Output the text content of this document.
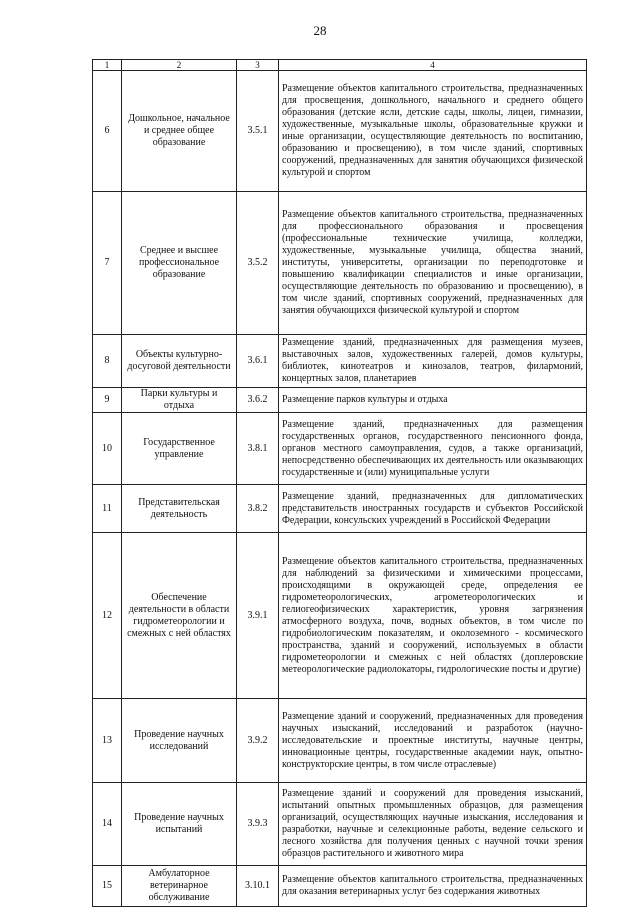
28
1	2	3	4
6	Дошкольное, начальное и среднее общее образование	3.5.1	Размещение объектов капитального строительства, предназначенных для просвещения, дошкольного, начального и среднего общего образования (детские ясли, детские сады, школы, лицеи, гимназии, художественные, музыкальные школы, образовательные кружки и иные организации, осуществляющие деятельность по воспитанию, образованию и просвещению), в том числе зданий, спортивных сооружений, предназначенных для занятия обучающихся физической культурой и спортом
7	Среднее и высшее профессиональное образование	3.5.2	Размещение объектов капитального строительства, предназначенных для профессионального образования и просвещения (профессиональные технические училища, колледжи, художественные, музыкальные училища, общества знаний, институты, университеты, организации по переподготовке и повышению квалификации специалистов и иные организации, осуществляющие деятельность по образованию и просвещению), в том числе зданий, спортивных сооружений, предназначенных для занятия обучающихся физической культурой и спортом
8	Объекты культурно-досуговой деятельности	3.6.1	Размещение зданий, предназначенных для размещения музеев, выставочных залов, художественных галерей, домов культуры, библиотек, кинотеатров и кинозалов, театров, филармоний, концертных залов, планетариев
9	Парки культуры и отдыха	3.6.2	Размещение парков культуры и отдыха
10	Государственное управление	3.8.1	Размещение зданий, предназначенных для размещения государственных органов, государственного пенсионного фонда, органов местного самоуправления, судов, а также организаций, непосредственно обеспечивающих их деятельность или оказывающих государственные и (или) муниципальные услуги
11	Представительская деятельность	3.8.2	Размещение зданий, предназначенных для дипломатических представительств иностранных государств и субъектов Российской Федерации, консульских учреждений в Российской Федерации
12	Обеспечение деятельности в области гидрометеорологии и смежных с ней областях	3.9.1	Размещение объектов капитального строительства, предназначенных для наблюдений за физическими и химическими процессами, происходящими в окружающей среде, определения ее гидрометеорологических, агрометеорологических и гелиогеофизических характеристик, уровня загрязнения атмосферного воздуха, почв, водных объектов, в том числе по гидробиологическим показателям, и околоземного - космического пространства, зданий и сооружений, используемых в области гидрометеорологии и смежных с ней областях (доплеровские метеорологические радиолокаторы, гидрологические посты и другие)
13	Проведение научных исследований	3.9.2	Размещение зданий и сооружений, предназначенных для проведения научных изысканий, исследований и разработок (научно-исследовательские и проектные институты, научные центры, инновационные центры, государственные академии наук, опытно-конструкторские центры, в том числе отраслевые)
14	Проведение научных испытаний	3.9.3	Размещение зданий и сооружений для проведения изысканий, испытаний опытных промышленных образцов, для размещения организаций, осуществляющих научные изыскания, исследования и разработки, научные и селекционные работы, ведение сельского и лесного хозяйства для получения ценных с научной точки зрения образцов растительного и животного мира
15	Амбулаторное ветеринарное обслуживание	3.10.1	Размещение объектов капитального строительства, предназначенных для оказания ветеринарных услуг без содержания животных
